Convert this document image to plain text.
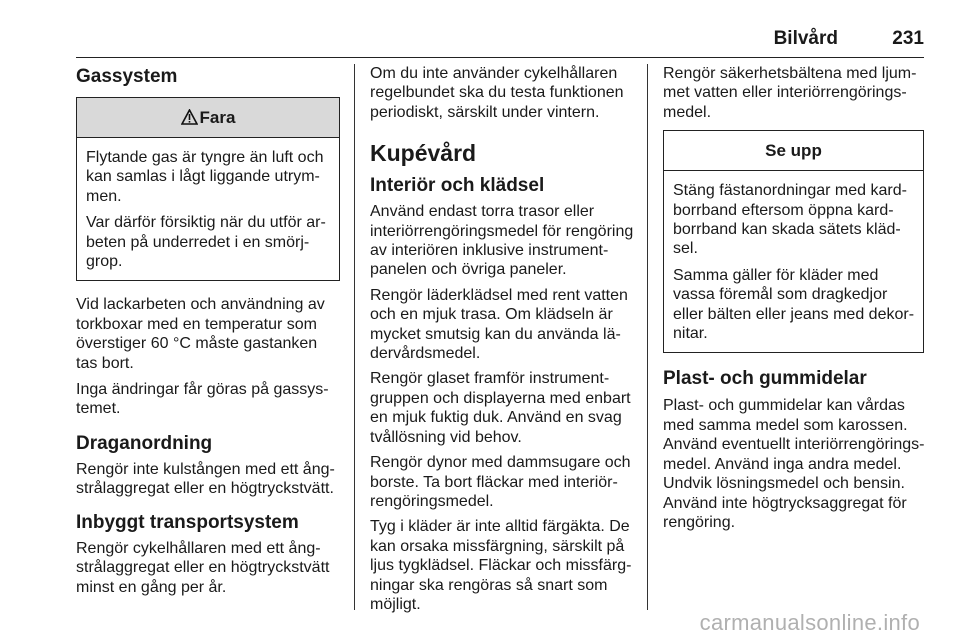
Bilvård	231
Gassystem
Fara

Flytande gas är tyngre än luft och kan samlas i lågt liggande utrym-men.

Var därför försiktig när du utför ar-beten på underredet i en smörj-grop.

Vid lackarbeten och användning av torkboxar med en temperatur som överstiger 60 °C måste gastanken tas bort.

Inga ändringar får göras på gassys-temet.

Draganordning

Rengör inte kulstången med ett ång-strålaggregat eller en högtryckstvätt.

Inbyggt transportsystem

Rengör cykelhållaren med ett ång-strålaggregat eller en högtryckstvätt minst en gång per år.

Om du inte använder cykelhållaren regelbundet ska du testa funktionen periodiskt, särskilt under vintern.

Kupévård
Interiör och klädsel

Använd endast torra trasor eller interiörrengöringsmedel för rengöring av interiören inklusive instrument-panelen och övriga paneler.

Rengör läderklädsel med rent vatten och en mjuk trasa. Om klädseln är mycket smutsig kan du använda lä-dervårdsmedel.

Rengör glaset framför instrument-gruppen och displayerna med enbart en mjuk fuktig duk. Använd en svag tvållösning vid behov.

Rengör dynor med dammsugare och borste. Ta bort fläckar med interiör-rengöringsmedel.

Tyg i kläder är inte alltid färgäkta. De kan orsaka missfärgning, särskilt på ljus tygklädsel. Fläckar och missfärg-ningar ska rengöras så snart som möjligt.

Rengör säkerhetsbältena med ljum-met vatten eller interiörrengörings-medel.

Se upp

Stäng fästanordningar med kard-borrband eftersom öppna kard-borrband kan skada sätets kläd-sel.

Samma gäller för kläder med vassa föremål som dragkedjor eller bälten eller jeans med dekor-nitar.

Plast- och gummidelar

Plast- och gummidelar kan vårdas med samma medel som karossen. Använd eventuellt interiörrengörings-medel. Använd inga andra medel. Undvik lösningsmedel och bensin. Använd inte högtrycksaggregat för rengöring.

carmanualsonline.info
